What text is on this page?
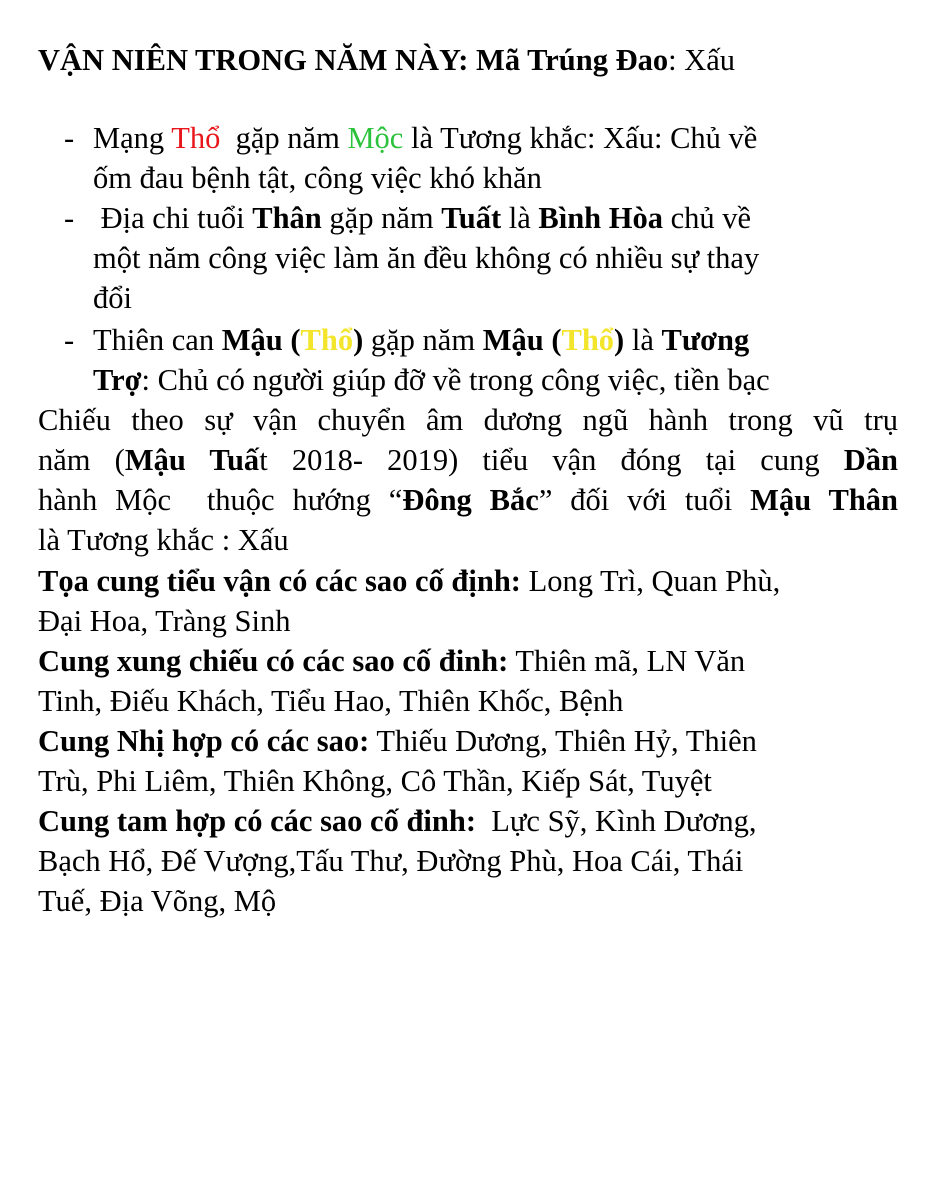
VẬN NIÊN TRONG NĂM NÀY: Mã Trúng Đao: Xấu
- Mạng Thổ  gặp năm Mộc là Tương khắc: Xấu: Chủ về
ốm đau bệnh tật, công việc khó khăn
- Địa chi tuổi Thân gặp năm Tuất là Bình Hòa chủ về
một năm công việc làm ăn đều không có nhiều sự thay
đổi
- Thiên can Mậu (Thổ) gặp năm Mậu (Thổ) là Tương
Trợ: Chủ có người giúp đỡ về trong công việc, tiền bạc
Chiếu theo sự vận chuyển âm dương ngũ hành trong vũ trụ
năm (Mậu Tuất 2018- 2019) tiểu vận đóng tại cung Dần
hành Mộc  thuộc hướng “Đông Bắc” đối với tuổi Mậu Thân
là Tương khắc : Xấu
Tọa cung tiểu vận có các sao cố định: Long Trì, Quan Phù,
Đại Hoa, Tràng Sinh
Cung xung chiếu có các sao cố đinh: Thiên mã, LN Văn
Tinh, Điếu Khách, Tiểu Hao, Thiên Khốc, Bệnh
Cung Nhị hợp có các sao: Thiếu Dương, Thiên Hỷ, Thiên
Trù, Phi Liêm, Thiên Không, Cô Thần, Kiếp Sát, Tuyệt
Cung tam hợp có các sao cố đinh:  Lực Sỹ, Kình Dương,
Bạch Hổ, Đế Vượng,Tấu Thư, Đường Phù, Hoa Cái, Thái
Tuế, Địa Võng, Mộ
